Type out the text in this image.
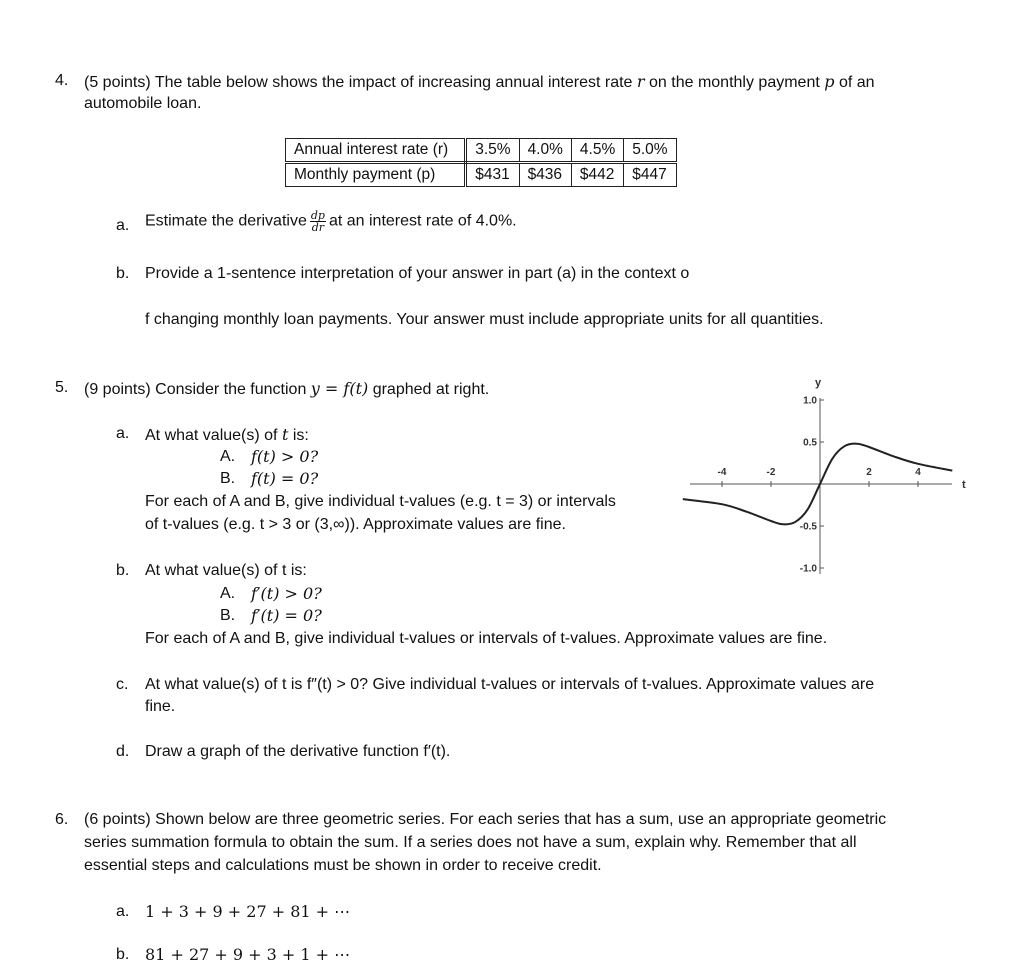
4. (5 points) The table below shows the impact of increasing annual interest rate r on the monthly payment p of an
automobile loan.
Annual interest rate (r)	3.5%	4.0%	4.5%	5.0%
Monthly payment (p)	$431	$436	$442	$447
a. Estimate the derivative $\frac{dp}{dr}$ at an interest rate of 4.0%.
b. Provide a 1-sentence interpretation of your answer in part (a) in the context o
f changing monthly loan payments. Your answer must include appropriate units for all quantities.
5. (9 points) Consider the function y = f(t) graphed at right.
a. At what value(s) of t is:
A. f(t) > 0?
B. f(t) = 0?
For each of A and B, give individual t-values (e.g. t = 3) or intervals
of t-values (e.g. t > 3 or (3,∞)). Approximate values are fine.
-4	-2	2	4
1.0
0.5
-0.5
-1.0
y
t
b. At what value(s) of t is:
A. f′(t) > 0?
B. f′(t) = 0?
For each of A and B, give individual t-values or intervals of t-values. Approximate values are fine.
c. At what value(s) of t is f″(t) > 0? Give individual t-values or intervals of t-values. Approximate values are
fine.
d. Draw a graph of the derivative function f′(t).
6. (6 points) Shown below are three geometric series. For each series that has a sum, use an appropriate geometric
series summation formula to obtain the sum. If a series does not have a sum, explain why. Remember that all
essential steps and calculations must be shown in order to receive credit.
a. 1 + 3 + 9 + 27 + 81 + ⋯
b. 81 + 27 + 9 + 3 + 1 + ⋯
